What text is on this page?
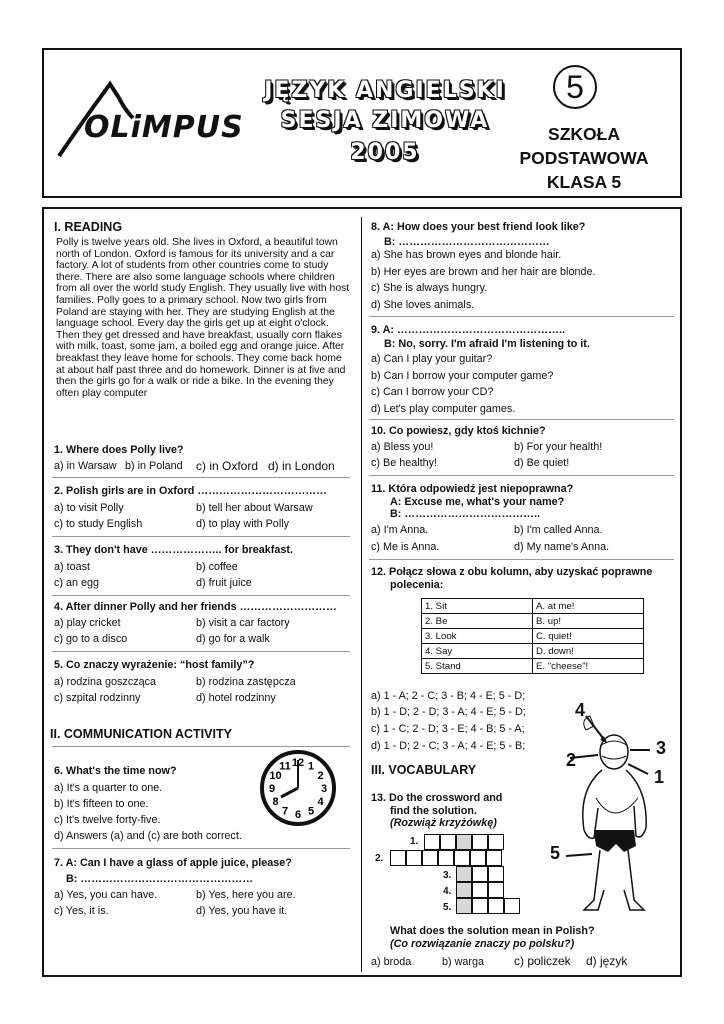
OLiMPUS
JĘZYK ANGIELSKI
SESJA ZIMOWA
2005
5
SZKOŁA
PODSTAWOWA
KLASA 5
I. READING
Polly is twelve years old. She lives in Oxford, a beautiful town north of London. Oxford is famous for its university and a car factory. A lot of students from other countries come to study there. There are also some language schools where children from all over the world study English. They usually live with host families. Polly goes to a primary school. Now two girls from Poland are staying with her. They are studying English at the language school. Every day the girls get up at eight o'clock. Then they get dressed and have breakfast, usually corn flakes with milk, toast, some jam, a boiled egg and orange juice. After breakfast they leave home for schools. They come back home at about half past three and do homework. Dinner is at five and then the girls go for a walk or ride a bike. In the evening they often play computer
1. Where does Polly live?
a) in Warsaw b) in Poland c) in Oxford d) in London
2. Polish girls are in Oxford ………………………………
a) to visit Polly	b) tell her about Warsaw
c) to study English	d) to play with Polly
3. They don't have ……………….. for breakfast.
a) toast	b) coffee
c) an egg	d) fruit juice
4. After dinner Polly and her friends ………………………
a) play cricket	b) visit a car factory
c) go to a disco	d) go for a walk
5. Co znaczy wyrażenie: “host family”?
a) rodzina goszcząca	b) rodzina zastępcza
c) szpital rodzinny	d) hotel rodzinny
II. COMMUNICATION ACTIVITY
6. What's the time now?
a) It's a quarter to one.
b) It's fifteen to one.
c) It's twelve forty-five.
d) Answers (a) and (c) are both correct.
12 1
2
3
4
5
6
7
8
9
10
11
7. A: Can I have a glass of apple juice, please?
B: …………………………………………
a) Yes, you can have.	b) Yes, here you are.
c) Yes, it is.	d) Yes, you have it.
8. A: How does your best friend look like?
B: ……………………………………
a) She has brown eyes and blonde hair.
b) Her eyes are brown and her hair are blonde.
c) She is always hungry.
d) She loves animals.
9. A: ………………………………………..
B: No, sorry. I'm afraid I'm listening to it.
a) Can I play your guitar?
b) Can I borrow your computer game?
c) Can I borrow your CD?
d) Let's play computer games.
10. Co powiesz, gdy ktoś kichnie?
a) Bless you!	b) For your health!
c) Be healthy!	d) Be quiet!
11. Która odpowiedź jest niepoprawna?
A: Excuse me, what's your name?
B: ………………………………..
a) I'm Anna.	b) I'm called Anna.
c) Me is Anna.	d) My name's Anna.
12. Połącz słowa z obu kolumn, aby uzyskać poprawne
polecenia:
1. Sit	A. at me!
2. Be	B. up!
3. Look	C. quiet!
4. Say	D. down!
5. Stand	E. "cheese"!
a) 1 - A; 2 - C; 3 - B; 4 - E; 5 - D;
b) 1 - D; 2 - D; 3 - A; 4 - E; 5 - D;
c) 1 - C; 2 - D; 3 - E; 4 - B; 5 - A;
d) 1 - D; 2 - C; 3 - A; 4 - E; 5 - B;
4
2
3
1
5
III. VOCABULARY
13. Do the crossword and
find the solution.
(Rozwiąż krzyżówkę)
1.
2.
3.
4.
5.
What does the solution mean in Polish?
(Co rozwiązanie znaczy po polsku?)
a) broda	b) warga c) policzek d) język
